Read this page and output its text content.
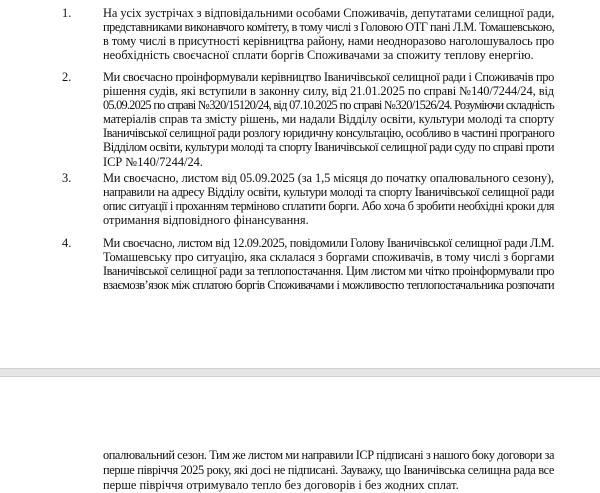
1.	На усіх зустрічах з відповідальними особами Споживачів, депутатами селищної ради,
представниками виконавчого комітету, в тому числі з Головою ОТГ пані Л.М. Томашевською,
в тому числі в присутності керівництва району, нами неодноразово наголошувалось про
необхідність своєчасної сплати боргів Споживачами за спожиту теплову енергію.
2.	Ми своєчасно проінформували керівництво Іваничівської селищної ради і Споживачів про
рішення судів, які вступили в законну силу, від 21.01.2025 по справі №140/7244/24, від
05.09.2025 по справі №320/15120/24, від 07.10.2025 по справі №320/1526/24. Розуміючи складність
матеріалів справ та змісту рішень, ми надали Відділу освіти, культури молоді та спорту
Іваничівської селищної ради розлогу юридичну консультацію, особливо в частині програного
Відділом освіти, культури молоді та спорту Іваничівської селищної ради суду по справі проти
ІСР №140/7244/24.
3.	Ми своєчасно, листом від 05.09.2025 (за 1,5 місяця до початку опалювального сезону),
направили на адресу Відділу освіти, культури молоді та спорту Іваничівської селищної ради
опис ситуації і проханням терміново сплатити борги. Або хоча б зробити необхідні кроки для
отримання відповідного фінансування.
4.	Ми своєчасно, листом від 12.09.2025, повідомили Голову Іваничівської селищної ради Л.М.
Томашевську про ситуацію, яка склалася з боргами споживачів, в тому числі з боргами
Іваничівської селищної ради за теплопостачання. Цим листом ми чітко проінформували про
взаємозв’язок між сплатою боргів Споживачами і можливостю теплопостачальника розпочати
опалювальний сезон. Тим же листом ми направили ІСР підписані з нашого боку договори за
перше півріччя 2025 року, які досі не підписані. Зауважу, що Іваничівська селищна рада все
перше півріччя отримувало тепло без договорів і без жодних сплат.
